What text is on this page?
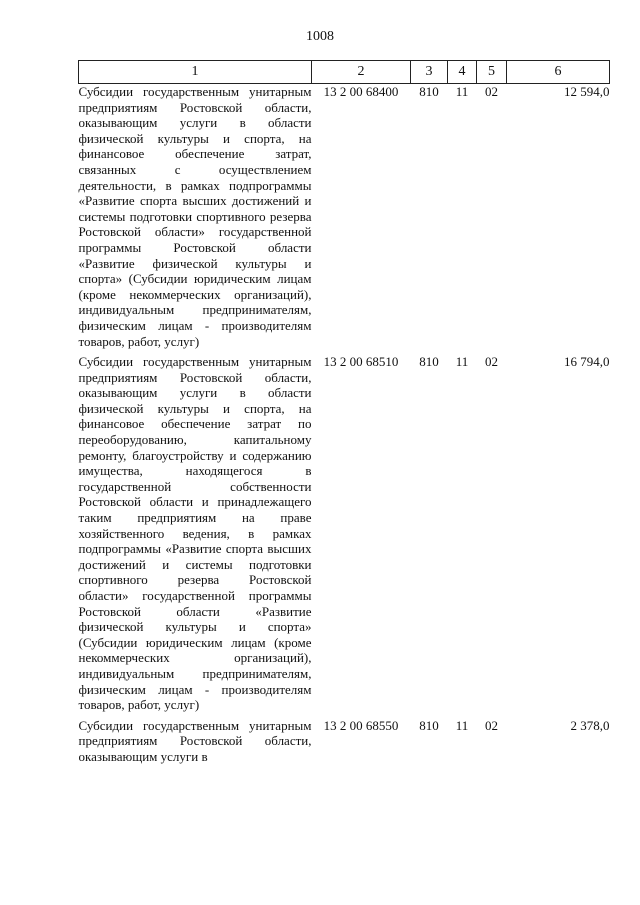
1008
1	2	3	4	5	6
Субсидии государственным унитарным предприятиям Ростовской области, оказывающим услуги в области физической культуры и спорта, на финансовое обеспечение затрат, связанных с осуществлением деятельности, в рамках подпрограммы «Развитие спорта высших достижений и системы подготовки спортивного резерва Ростовской области» государственной программы Ростовской области «Развитие физической культуры и спорта» (Субсидии юридическим лицам (кроме некоммерческих организаций), индивидуальным предпринимателям, физическим лицам - производителям товаров, работ, услуг)	13 2 00 68400	810	11	02	12 594,0
Субсидии государственным унитарным предприятиям Ростовской области, оказывающим услуги в области физической культуры и спорта, на финансовое обеспечение затрат по переоборудованию, капитальному ремонту, благоустройству и содержанию имущества, находящегося в государственной собственности Ростовской области и принадлежащего таким предприятиям на праве хозяйственного ведения, в рамках подпрограммы «Развитие спорта высших достижений и системы подготовки спортивного резерва Ростовской области» государственной программы Ростовской области «Развитие физической культуры и спорта» (Субсидии юридическим лицам (кроме некоммерческих организаций), индивидуальным предпринимателям, физическим лицам - производителям товаров, работ, услуг)	13 2 00 68510	810	11	02	16 794,0
Субсидии государственным унитарным предприятиям Ростовской области, оказывающим услуги в	13 2 00 68550	810	11	02	2 378,0
